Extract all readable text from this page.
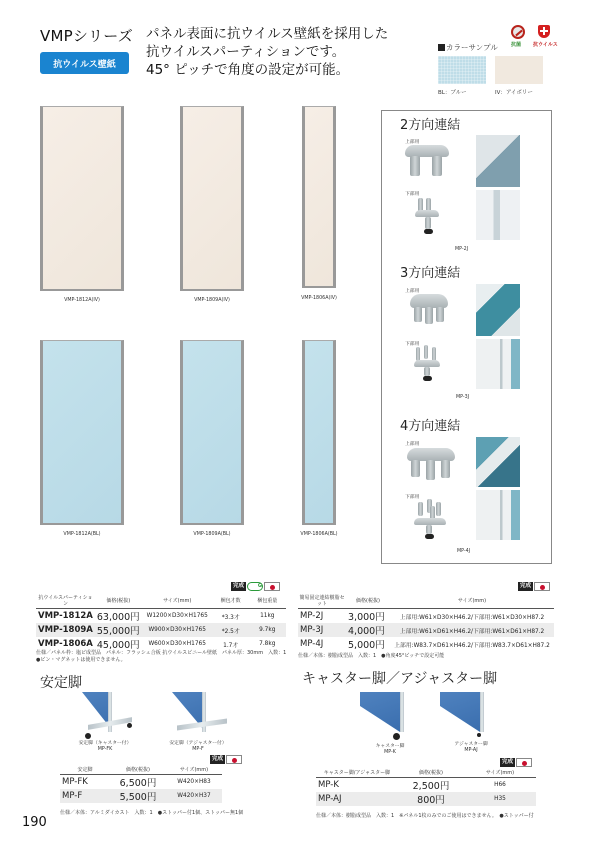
VMPシリーズ
抗ウイルス壁紙
パネル表面に抗ウイルス壁紙を採用した
抗ウイルスパーティションです。
45° ピッチで角度の設定が可能。
カラーサンプル	抗菌 抗ウイルス
BL：ブルー	IV：アイボリー
VMP-1812A(IV)	VMP-1809A(IV)	VMP-1806A(IV)
VMP-1812A(BL)	VMP-1809A(BL)	VMP-1806A(BL)
2方向連結
上部用
下部用
MP-2J
3方向連結
上部用
下部用
MP-3J
4方向連結
上部用
下部用
MP-4J
完成	G
抗ウイルスパーティション	価格(税抜)	サイズ(mm)	梱包才数	梱包重量
VMP-1812A	63,000円	W1200×D30×H1765	*3.3才	11kg
VMP-1809A	55,000円	W900×D30×H1765	*2.5才	9.7kg
VMP-1806A	45,000円	W600×D30×H1765	1.7才	7.8kg
仕様／パネル枠：塩ビ成型品　パネル：フラッシュ合板 抗ウイルスビニール壁紙　パネル厚：30mm　入数：1
●ピン・マグネットは使用できません。
完成
簡易固定連結樹脂セット	価格(税抜)	サイズ(mm)
MP-2J	3,000円	上部用:W61×D30×H46.2/下部用:W61×D30×H87.2
MP-3J	4,000円	上部用:W61×D61×H46.2/下部用:W61×D61×H87.2
MP-4J	5,000円	上部用:W83.7×D61×H46.2/下部用:W83.7×D61×H87.2
仕様／本体：樹脂成型品　入数：1　●角度45°ピッチで設定可能
安定脚
安定脚（キャスター付）
MP-FK
安定脚（アジャスター付）
MP-F
完成
安定脚	価格(税抜)	サイズ(mm)
MP-FK	6,500円	W420×H83
MP-F	5,500円	W420×H37
仕様／本体：アルミダイカスト　入数：1　●ストッパー付1個、ストッパー無1個
キャスター脚／アジャスター脚
キャスター脚
MP-K
アジャスター脚
MP-AJ
完成
キャスター脚/アジャスター脚	価格(税抜)	サイズ(mm)
MP-K	2,500円	H66
MP-AJ	800円	H35
仕様／本体：樹脂成型品　入数：1　※パネル1枚のみでのご使用はできません。　●ストッパー付
190
